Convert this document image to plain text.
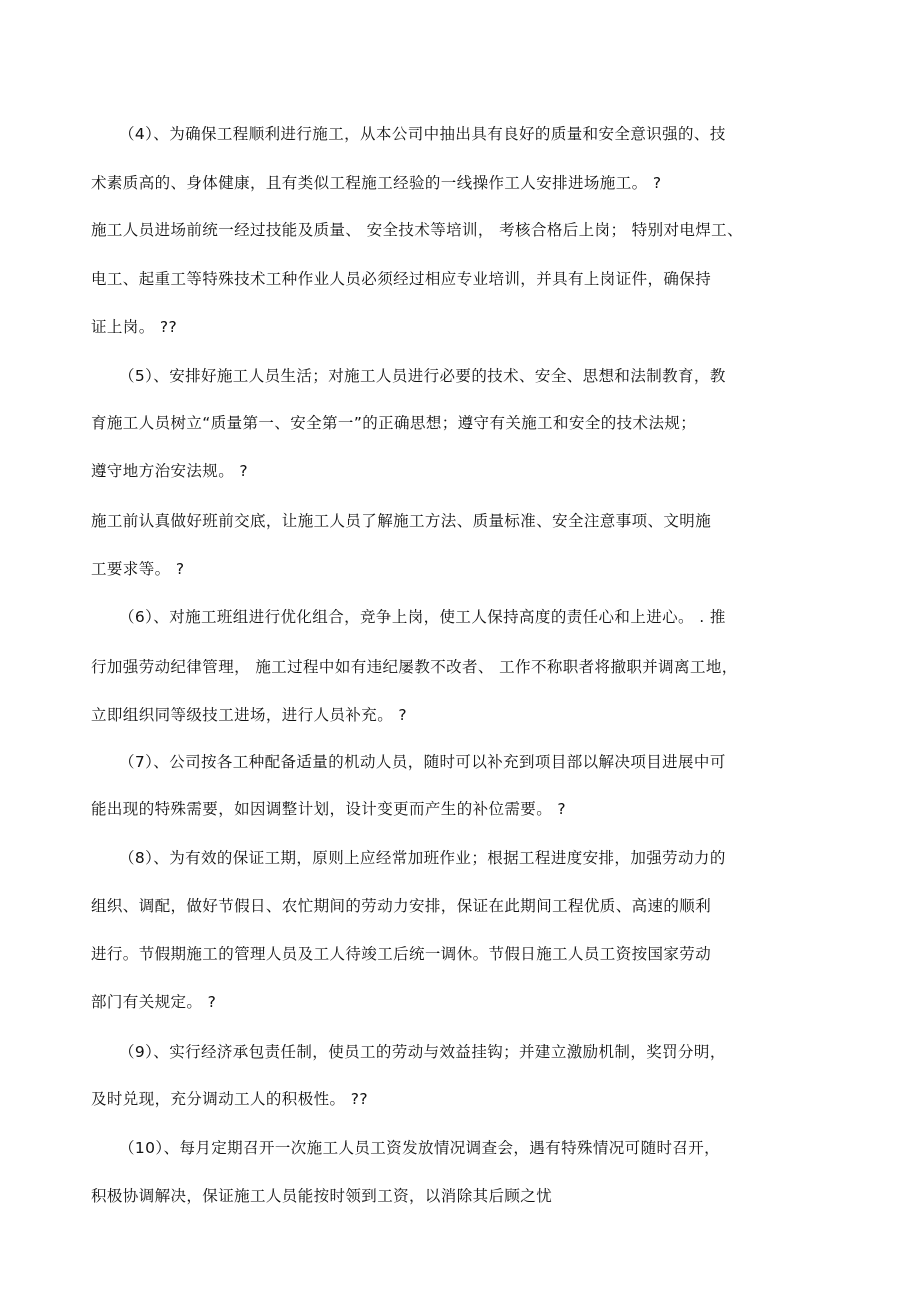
（4）、为确保工程顺利进行施工，从本公司中抽出具有良好的质量和安全意识强的、技
术素质高的、身体健康，且有类似工程施工经验的一线操作工人安排进场施工。 ?
施工人员进场前统一经过技能及质量、 安全技术等培训， 考核合格后上岗； 特别对电焊工、
电工、起重工等特殊技术工种作业人员必须经过相应专业培训，并具有上岗证件，确保持
证上岗。 ??
（5）、安排好施工人员生活；对施工人员进行必要的技术、安全、思想和法制教育，教
育施工人员树立“质量第一、安全第一”的正确思想；遵守有关施工和安全的技术法规；
遵守地方治安法规。 ?
施工前认真做好班前交底，让施工人员了解施工方法、质量标准、安全注意事项、文明施
工要求等。 ?
（6）、对施工班组进行优化组合，竞争上岗，使工人保持高度的责任心和上进心。 . 推
行加强劳动纪律管理， 施工过程中如有违纪屡教不改者、 工作不称职者将撤职并调离工地，
立即组织同等级技工进场，进行人员补充。 ?
（7）、公司按各工种配备适量的机动人员，随时可以补充到项目部以解决项目进展中可
能出现的特殊需要，如因调整计划，设计变更而产生的补位需要。 ?
（8）、为有效的保证工期，原则上应经常加班作业；根据工程进度安排，加强劳动力的
组织、调配，做好节假日、农忙期间的劳动力安排，保证在此期间工程优质、高速的顺利
进行。节假期施工的管理人员及工人待竣工后统一调休。节假日施工人员工资按国家劳动
部门有关规定。 ?
（9）、实行经济承包责任制，使员工的劳动与效益挂钩；并建立激励机制，奖罚分明，
及时兑现，充分调动工人的积极性。 ??
（10）、每月定期召开一次施工人员工资发放情况调查会，遇有特殊情况可随时召开，
积极协调解决，保证施工人员能按时领到工资，以消除其后顾之忧
